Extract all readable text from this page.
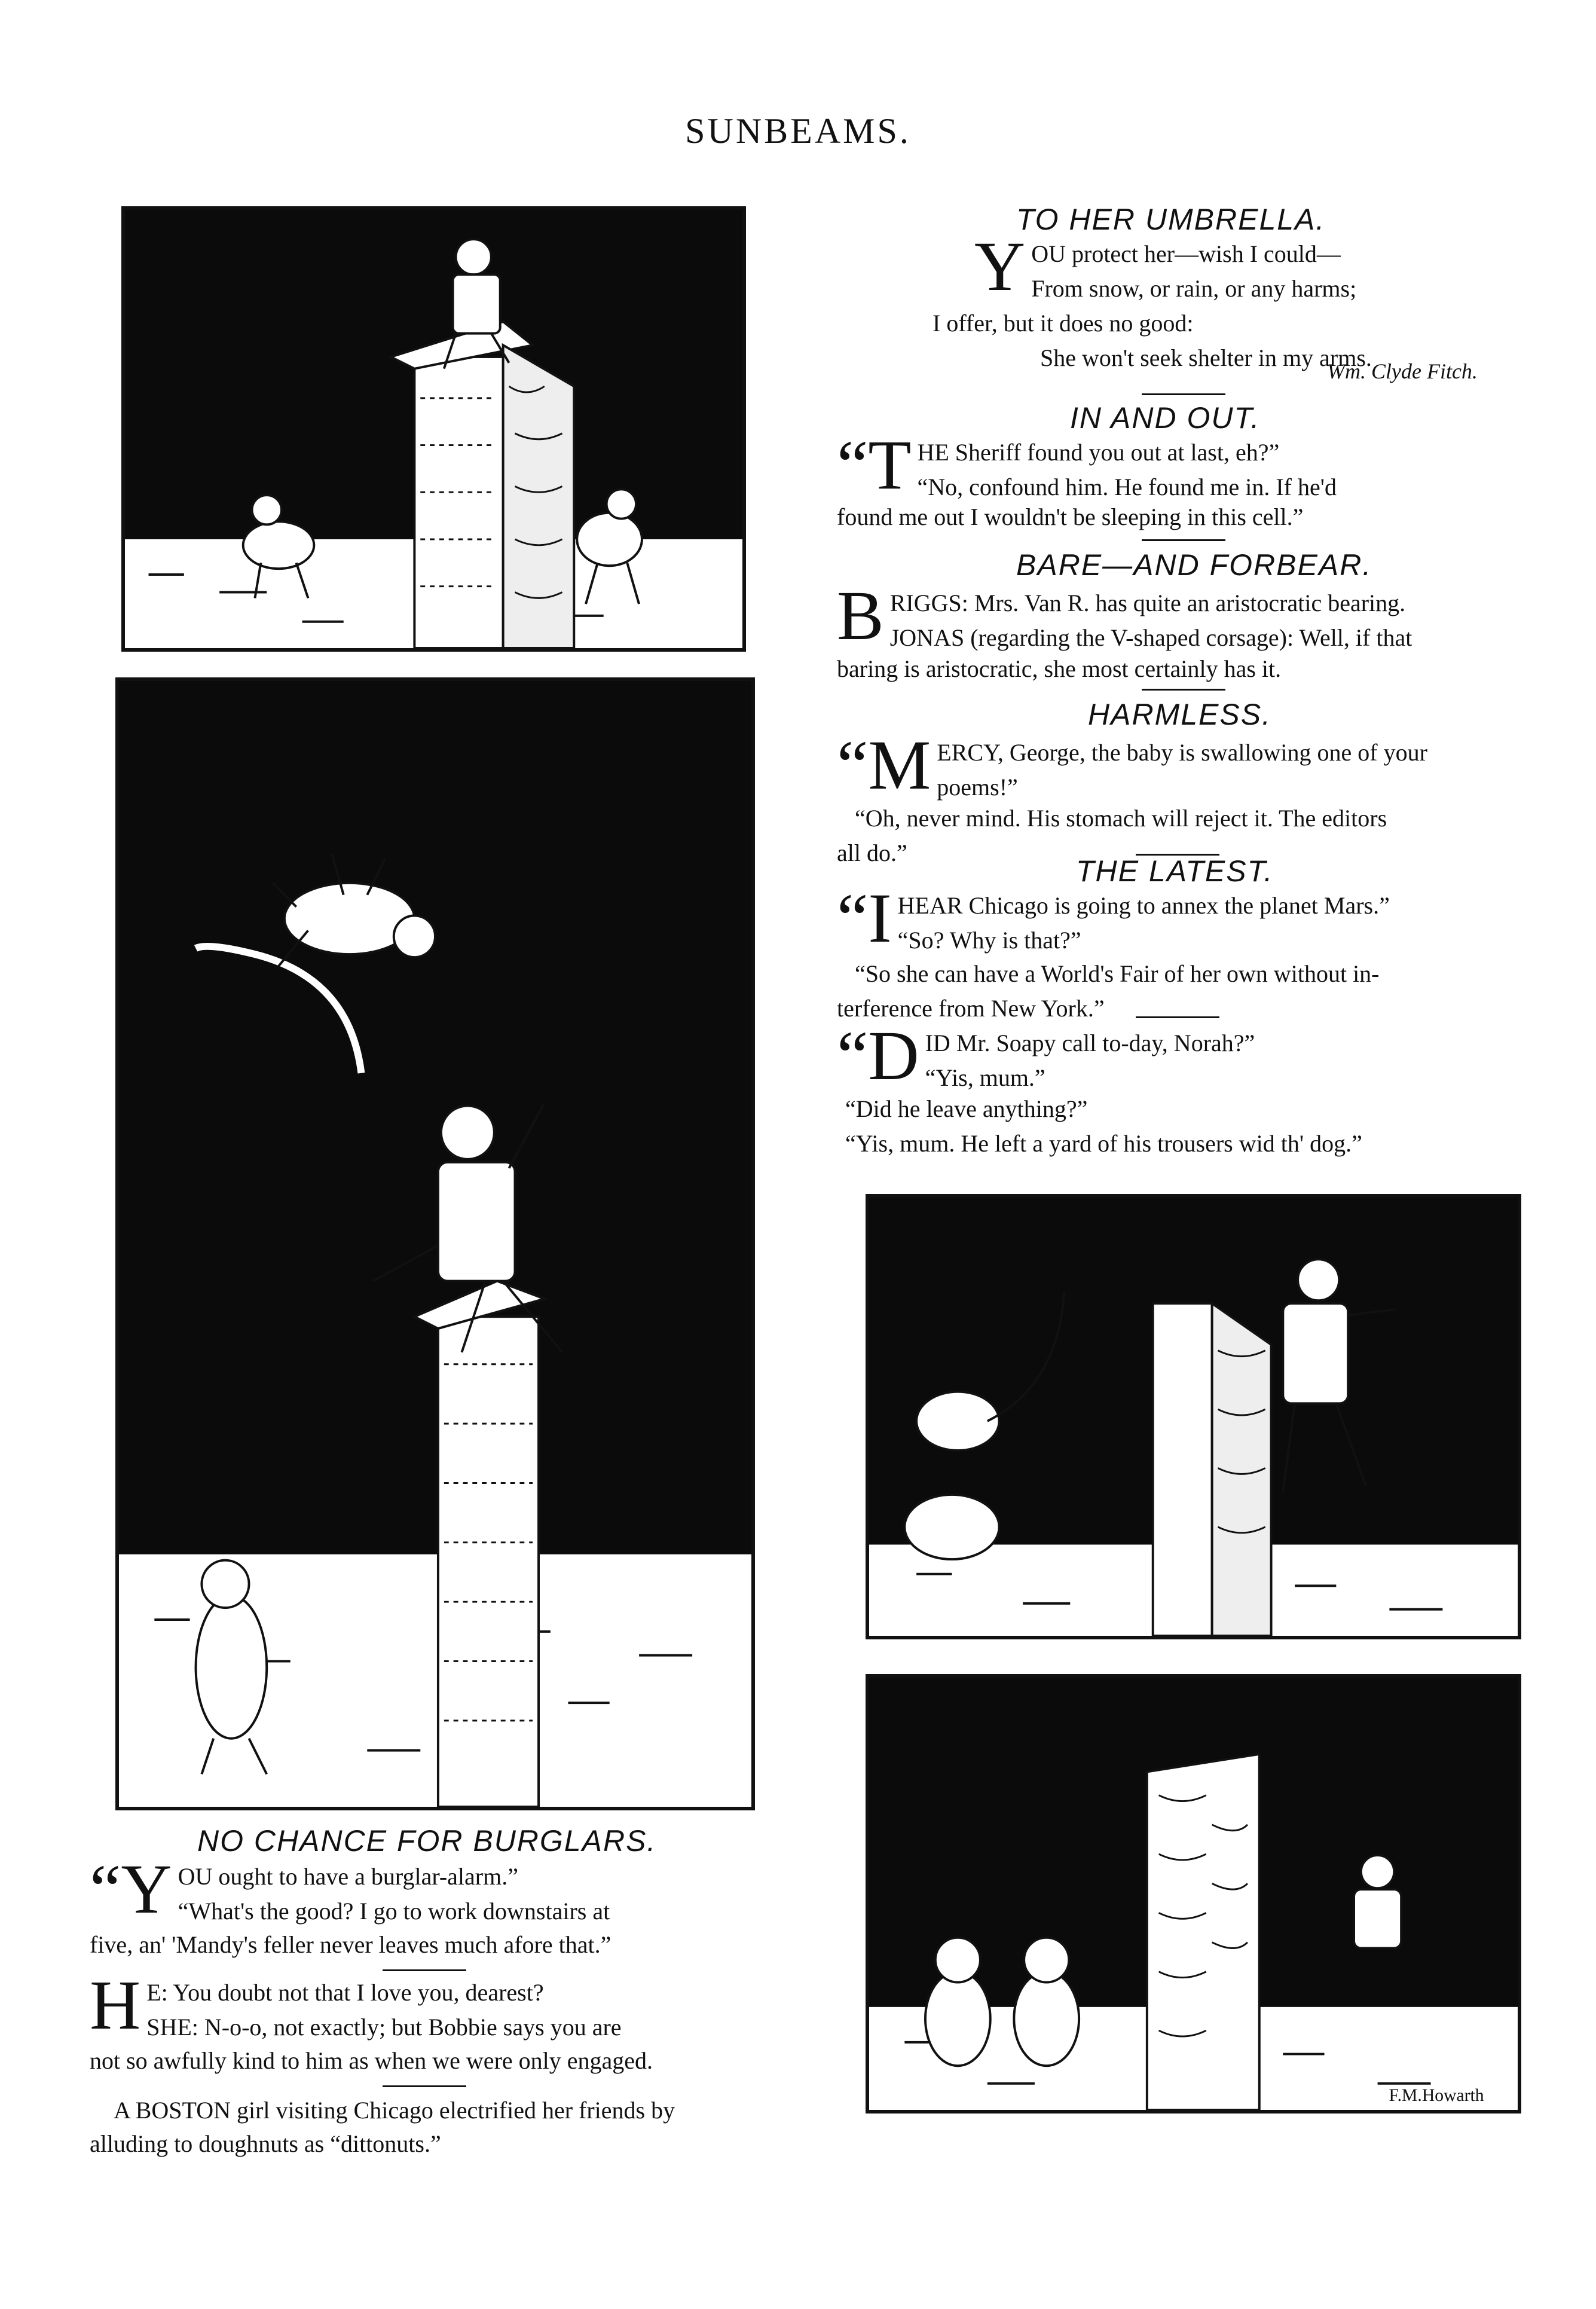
SUNBEAMS.
F.M.Howarth
TO HER UMBRELLA.
Y OU protect her—wish I could—

From snow, or rain, or any harms;

I offer, but it does no good:

She won't seek shelter in my arms.

Wm. Clyde Fitch.
IN AND OUT.
“T HE Sheriff found you out at last, eh?”

“No, confound him. He found me in. If he'd

found me out I wouldn't be sleeping in this cell.”

BARE—AND FORBEAR.
B RIGGS: Mrs. Van R. has quite an aristocratic bearing.

JONAS (regarding the V-shaped corsage): Well, if that

baring is aristocratic, she most certainly has it.

HARMLESS.
“M ERCY, George, the baby is swallowing one of your

poems!”

“Oh, never mind. His stomach will reject it. The editors

all do.”

THE LATEST.
“I HEAR Chicago is going to annex the planet Mars.”

“So? Why is that?”

“So she can have a World's Fair of her own without in-

terference from New York.”

“D ID Mr. Soapy call to-day, Norah?”

“Yis, mum.”

“Did he leave anything?”

“Yis, mum. He left a yard of his trousers wid th' dog.”

NO CHANCE FOR BURGLARS.
“Y OU ought to have a burglar-alarm.”

“What's the good? I go to work downstairs at

five, an' 'Mandy's feller never leaves much afore that.”

H E: You doubt not that I love you, dearest?

SHE: N-o-o, not exactly; but Bobbie says you are

not so awfully kind to him as when we were only engaged.

A BOSTON girl visiting Chicago electrified her friends by alluding to doughnuts as “dittonuts.”
